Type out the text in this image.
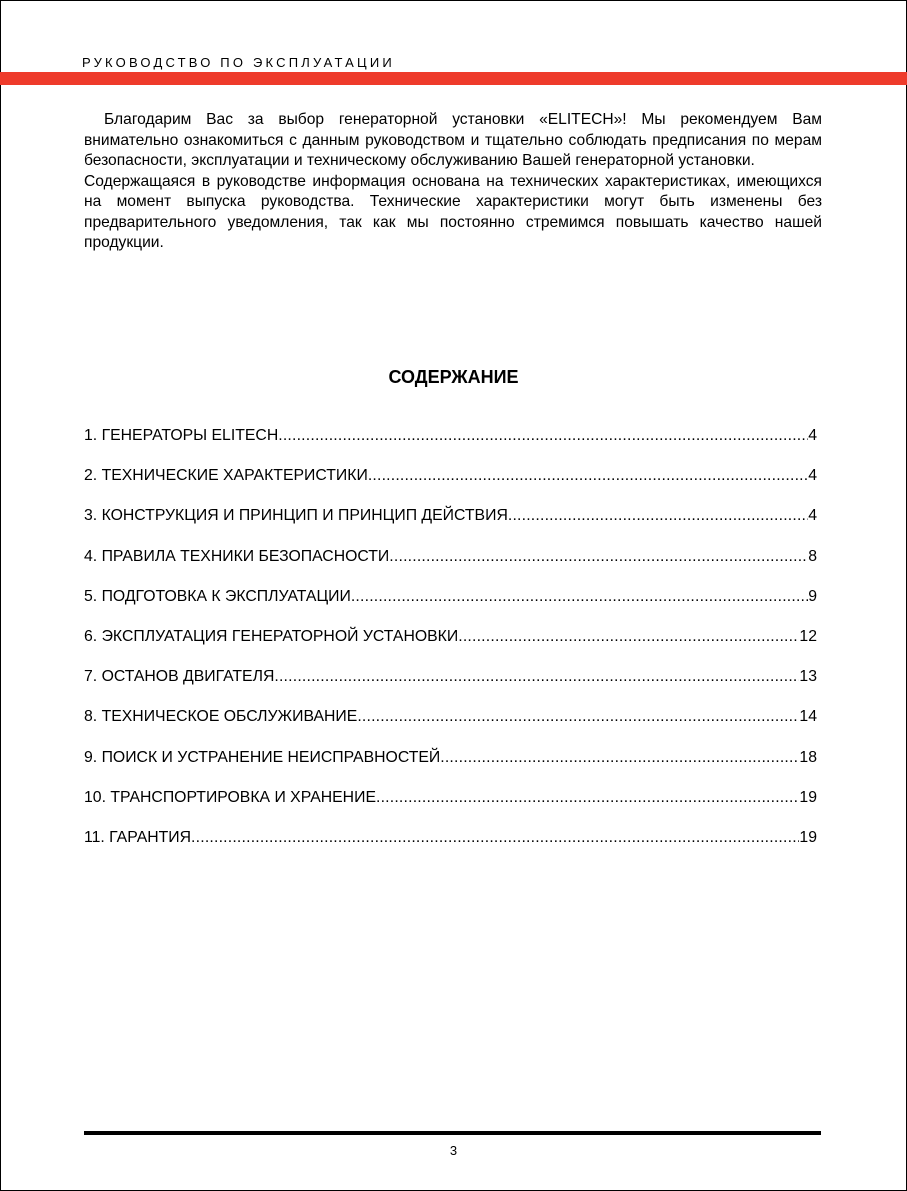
РУКОВОДСТВО ПО ЭКСПЛУАТАЦИИ

Благодарим Вас за выбор генераторной установки «ELITECH»! Мы рекомендуем Вам внимательно ознакомиться с данным руководством и тщательно соблюдать предписания по мерам безопасности, эксплуатации и техническому обслуживанию Вашей генераторной установки.

Содержащаяся в руководстве информация основана на технических характеристиках, имеющихся на момент выпуска руководства. Технические характеристики могут быть изменены без предварительного уведомления, так как мы постоянно стремимся повышать качество нашей продукции.

СОДЕРЖАНИЕ
1. ГЕНЕРАТОРЫ ELITECH .....	4
2. ТЕХНИЧЕСКИЕ ХАРАКТЕРИСТИКИ .....	4
3. КОНСТРУКЦИЯ И ПРИНЦИП И ПРИНЦИП ДЕЙСТВИЯ .....	4
4. ПРАВИЛА ТЕХНИКИ БЕЗОПАСНОСТИ .....	8
5. ПОДГОТОВКА К ЭКСПЛУАТАЦИИ .....	9
6. ЭКСПЛУАТАЦИЯ ГЕНЕРАТОРНОЙ УСТАНОВКИ .....	12
7. ОСТАНОВ ДВИГАТЕЛЯ .....	13
8. ТЕХНИЧЕСКОЕ ОБСЛУЖИВАНИЕ .....	14
9. ПОИСК И УСТРАНЕНИЕ НЕИСПРАВНОСТЕЙ .....	18
10. ТРАНСПОРТИРОВКА И ХРАНЕНИЕ .....	19
11. ГАРАНТИЯ .....	19
3
